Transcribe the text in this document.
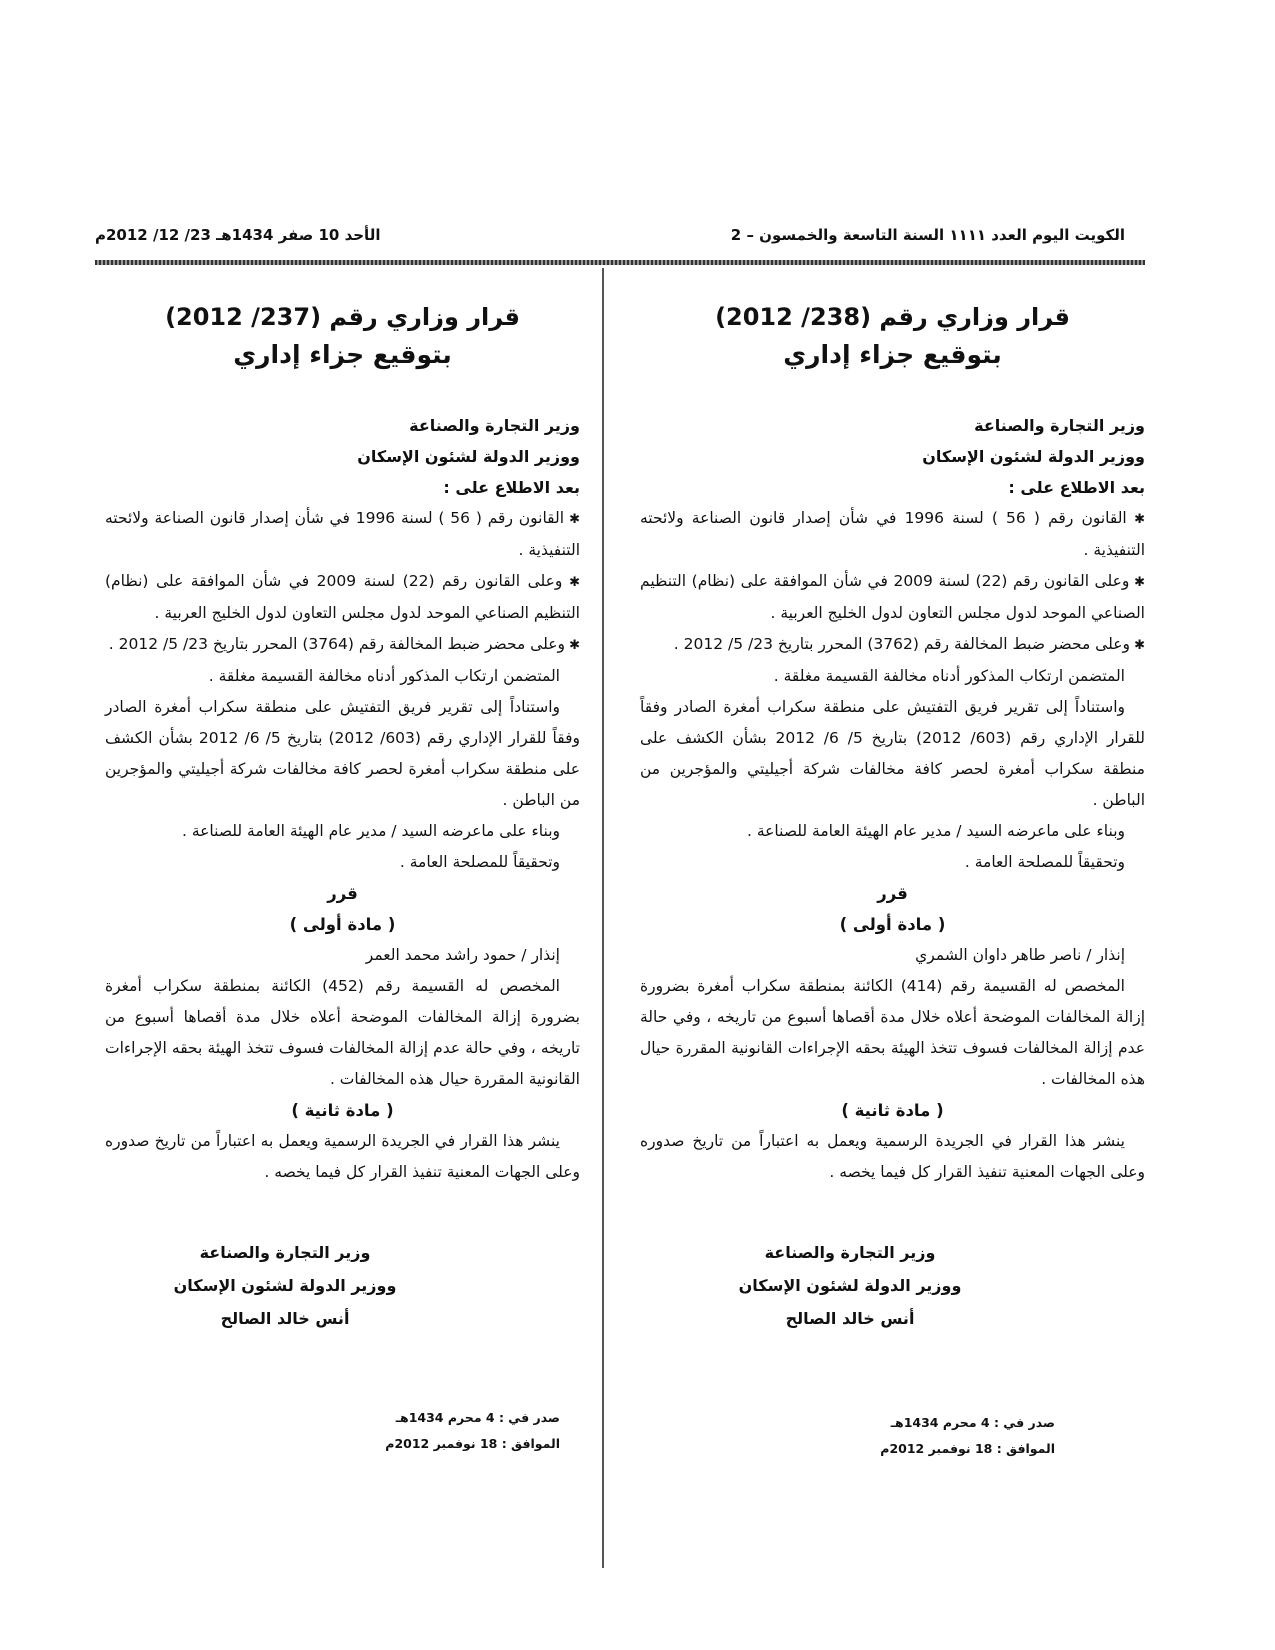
الكويت اليوم العدد ١١١١ السنة التاسعة والخمسون – 2
الأحد 10 صفر 1434هـ 23/ 12/ 2012م

قرار وزاري رقم (238/ 2012)

بتوقيع جزاء إداري

وزير التجارة والصناعة

ووزير الدولة لشئون الإسكان

بعد الاطلاع على :

✱ القانون رقم ( 56 ) لسنة 1996 في شأن إصدار قانون الصناعة ولائحته التنفيذية .

✱ وعلى القانون رقم (22) لسنة 2009 في شأن الموافقة على (نظام) التنظيم الصناعي الموحد لدول مجلس التعاون لدول الخليج العربية .

✱ وعلى محضر ضبط المخالفة رقم (3762) المحرر بتاريخ 23/ 5/ 2012 .

المتضمن ارتكاب المذكور أدناه مخالفة القسيمة مغلقة .

واستناداً إلى تقرير فريق التفتيش على منطقة سكراب أمغرة الصادر وفقاً للقرار الإداري رقم (603/ 2012) بتاريخ 5/ 6/ 2012 بشأن الكشف على منطقة سكراب أمغرة لحصر كافة مخالفات شركة أجيليتي والمؤجرين من الباطن .

وبناء على ماعرضه السيد / مدير عام الهيئة العامة للصناعة .

وتحقيقاً للمصلحة العامة .

قرر

( مادة أولى )

إنذار / ناصر طاهر داوان الشمري

المخصص له القسيمة رقم (414) الكائنة بمنطقة سكراب أمغرة بضرورة إزالة المخالفات الموضحة أعلاه خلال مدة أقصاها أسبوع من تاريخه ، وفي حالة عدم إزالة المخالفات فسوف تتخذ الهيئة بحقه الإجراءات القانونية المقررة حيال هذه المخالفات .

( مادة ثانية )

ينشر هذا القرار في الجريدة الرسمية ويعمل به اعتباراً من تاريخ صدوره وعلى الجهات المعنية تنفيذ القرار كل فيما يخصه .

وزير التجارة والصناعة
ووزير الدولة لشئون الإسكان
أنس خالد الصالح
صدر في : 4 محرم 1434هـ
الموافق : 18 نوفمبر 2012م

قرار وزاري رقم (237/ 2012)

بتوقيع جزاء إداري

وزير التجارة والصناعة

ووزير الدولة لشئون الإسكان

بعد الاطلاع على :

✱ القانون رقم ( 56 ) لسنة 1996 في شأن إصدار قانون الصناعة ولائحته التنفيذية .

✱ وعلى القانون رقم (22) لسنة 2009 في شأن الموافقة على (نظام) التنظيم الصناعي الموحد لدول مجلس التعاون لدول الخليج العربية .

✱ وعلى محضر ضبط المخالفة رقم (3764) المحرر بتاريخ 23/ 5/ 2012 .

المتضمن ارتكاب المذكور أدناه مخالفة القسيمة مغلقة .

واستناداً إلى تقرير فريق التفتيش على منطقة سكراب أمغرة الصادر وفقاً للقرار الإداري رقم (603/ 2012) بتاريخ 5/ 6/ 2012 بشأن الكشف على منطقة سكراب أمغرة لحصر كافة مخالفات شركة أجيليتي والمؤجرين من الباطن .

وبناء على ماعرضه السيد / مدير عام الهيئة العامة للصناعة .

وتحقيقاً للمصلحة العامة .

قرر

( مادة أولى )

إنذار / حمود راشد محمد العمر

المخصص له القسيمة رقم (452) الكائنة بمنطقة سكراب أمغرة بضرورة إزالة المخالفات الموضحة أعلاه خلال مدة أقصاها أسبوع من تاريخه ، وفي حالة عدم إزالة المخالفات فسوف تتخذ الهيئة بحقه الإجراءات القانونية المقررة حيال هذه المخالفات .

( مادة ثانية )

ينشر هذا القرار في الجريدة الرسمية ويعمل به اعتباراً من تاريخ صدوره وعلى الجهات المعنية تنفيذ القرار كل فيما يخصه .

وزير التجارة والصناعة
ووزير الدولة لشئون الإسكان
أنس خالد الصالح
صدر في : 4 محرم 1434هـ
الموافق : 18 نوفمبر 2012م
